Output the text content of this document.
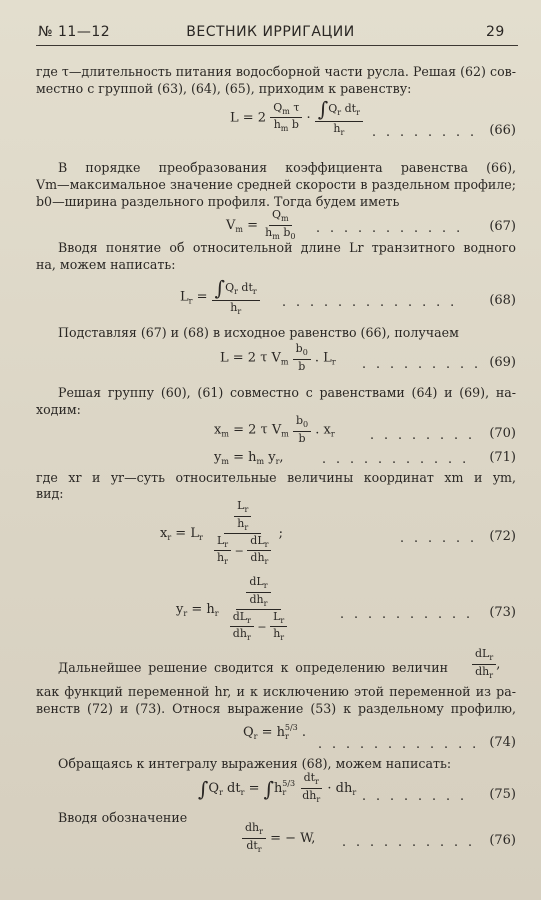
№ 11—12	ВЕСТНИК ИРРИГАЦИИ	29
где τ—длительность питания водосборной части русла. Решая (62) сов-
местно с группой (63), (64), (65), приходим к равенству:
$L = 2 \frac{Q_m \tau}{h_m b} \cdot \frac{\int Q_r dt_r}{h_r}$ . . . . . . . . (66)
В порядке преобразования коэффициента равенства (66),
Vm—максимальное значение средней скорости в раздельном профиле;
b0—ширина раздельного профиля. Тогда будем иметь
$V_m = \frac{Q_m}{h_m b_0}$ . . . . . . . . . . . (67)
Вводя понятие об относительной длине Lr транзитного водного
на, можем написать:
$L_r = \frac{\int Q_r dt_r}{h_r}$ . . . . . . . . . . . . . (68)
Подставляя (67) и (68) в исходное равенство (66), получаем
L = 2 τ $V_m \frac{b_0}{b}$ . $L_r$ . . . . . . . . . (69)
Решая группу (60), (61) совместно с равенствами (64) и (69), на-
ходим:
$x_m = 2$ τ $V_m \frac{b_0}{b}$ . $x_r$	. . . . . . . . (70)
$y_m = h_m$ $y_r$,	. . . . . . . . . . . (71)
где xr и yr—суть относительные величины координат xm и ym,
вид:
$x_r = L_r \frac{\frac{L_r}{h_r}}{\frac{L_r}{h_r} - \frac{dL_r}{dh_r}}$ ;	. . . . . . (72)
$y_r = h_r \frac{\frac{dL_r}{dh_r}}{\frac{dL_r}{dh_r} - \frac{L_r}{h_r}}$	. . . . . . . . . . (73)
Дальнейшее решение сводится к определению величин $\frac{dL_r}{dh_r}$ ,
как функций переменной hr, и к исключению этой переменной из ра-
венств (72) и (73). Относя выражение (53) к раздельному профилю,
$Q_r = h_r^{5/3}$ .
. . . . . . . . . . . . (74)
Обращаясь к интегралу выражения (68), можем написать:
$\int Q_r$ $dt_r = \int h_r^{5/3} \frac{dt_r}{dh_r} \cdot dh_r$ . . . . . . . . (75)
Вводя обозначение
$\frac{dh_r}{dt_r}$ = − W, . . . . . . . . . . (76)
